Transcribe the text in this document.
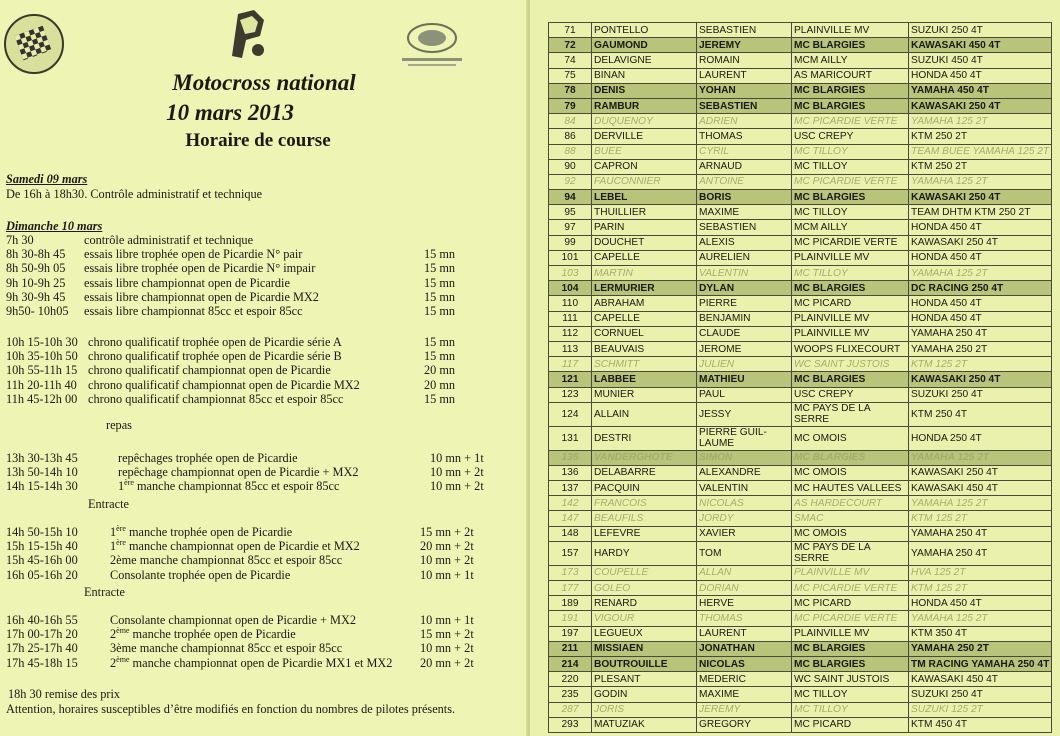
Motocross national
10 mars 2013
Horaire de course
Samedi 09 mars
De 16h à 18h30. Contrôle administratif et technique
Dimanche 10 mars
7h 30	contrôle administratif et technique
8h 30-8h 45 essais libre trophée open de Picardie N° pair	15 mn
8h 50-9h 05 essais libre trophée open de Picardie N° impair	15 mn
9h 10-9h 25 essais libre championnat open de Picardie	15 mn
9h 30-9h 45 essais libre championnat open de Picardie MX2	15 mn
9h50- 10h05 essais libre championnat 85cc et espoir 85cc	15 mn
10h 15-10h 30 chrono qualificatif trophée open de Picardie série A	15 mn
10h 35-10h 50 chrono qualificatif trophée open de Picardie série B	15 mn
10h 55-11h 15 chrono qualificatif championnat open de Picardie	20 mn
11h 20-11h 40 chrono qualificatif championnat open de Picardie MX2	20 mn
11h 45-12h 00 chrono qualificatif championnat 85cc et espoir 85cc	15 mn
repas
13h 30-13h 45	repêchages trophée open de Picardie	10 mn + 1t
13h 50-14h 10	repêchage championnat open de Picardie + MX2	10 mn + 2t
14h 15-14h 30	1ère manche championnat 85cc et espoir 85cc	10 mn + 2t
Entracte
14h 50-15h 10	1ère manche trophée open de Picardie	15 mn + 2t
15h 15-15h 40	1ère manche championnat open de Picardie et MX2	20 mn + 2t
15h 45-16h 00	2ème manche championnat 85cc et espoir 85cc	10 mn + 2t
16h 05-16h 20	Consolante trophée open de Picardie	10 mn + 1t
Entracte
16h 40-16h 55	Consolante championnat open de Picardie + MX2	10 mn + 1t
17h 00-17h 20	2ème manche trophée open de Picardie	15 mn + 2t
17h 25-17h 40	3ème manche championnat 85cc et espoir 85cc	10 mn + 2t
17h 45-18h 15	2ème manche championnat open de Picardie MX1 et MX2 20 mn + 2t
18h 30 remise des prix
Attention, horaires susceptibles d’être modifiés en fonction du nombres de pilotes présents.
71	PONTELLO	SEBASTIEN	PLAINVILLE MV	SUZUKI 250 4T
72	GAUMOND	JEREMY	MC BLARGIES	KAWASAKI 450 4T
74	DELAVIGNE	ROMAIN	MCM AILLY	SUZUKI 450 4T
75	BINAN	LAURENT	AS MARICOURT	HONDA 450 4T
78	DENIS	YOHAN	MC BLARGIES	YAMAHA 450 4T
79	RAMBUR	SEBASTIEN	MC BLARGIES	KAWASAKI 250 4T
84	DUQUENOY	ADRIEN	MC PICARDIE VERTE	YAMAHA 125 2T
86	DERVILLE	THOMAS	USC CREPY	KTM 250 2T
88	BUEE	CYRIL	MC TILLOY	TEAM BUEE YAMAHA 125 2T
90	CAPRON	ARNAUD	MC TILLOY	KTM 250 2T
92	FAUCONNIER	ANTOINE	MC PICARDIE VERTE	YAMAHA 125 2T
94	LEBEL	BORIS	MC BLARGIES	KAWASAKI 250 4T
95	THUILLIER	MAXIME	MC TILLOY	TEAM DHTM KTM 250 2T
97	PARIN	SEBASTIEN	MCM AILLY	HONDA 450 4T
99	DOUCHET	ALEXIS	MC PICARDIE VERTE	KAWASAKI 250 4T
101	CAPELLE	AURELIEN	PLAINVILLE MV	HONDA 450 4T
103	MARTIN	VALENTIN	MC TILLOY	YAMAHA 125 2T
104	LERMURIER	DYLAN	MC BLARGIES	DC RACING 250 4T
110	ABRAHAM	PIERRE	MC PICARD	HONDA 450 4T
111	CAPELLE	BENJAMIN	PLAINVILLE MV	HONDA 450 4T
112	CORNUEL	CLAUDE	PLAINVILLE MV	YAMAHA 250 4T
113	BEAUVAIS	JEROME	WOOPS FLIXECOURT	YAMAHA 250 2T
117	SCHMITT	JULIEN	WC SAINT JUSTOIS	KTM 125 2T
121	LABBEE	MATHIEU	MC BLARGIES	KAWASAKI 250 4T
123	MUNIER	PAUL	USC CREPY	SUZUKI 250 4T
124	ALLAIN	JESSY	MC PAYS DE LA SERRE	KTM 250 4T
131	DESTRI	PIERRE GUIL-LAUME	MC OMOIS	HONDA 250 4T
135	VANDERGHOTE	SIMON	MC BLARGIES	YAMAHA 125 2T
136	DELABARRE	ALEXANDRE	MC OMOIS	KAWASAKI 250 4T
137	PACQUIN	VALENTIN	MC HAUTES VALLEES	KAWASAKI 450 4T
142	FRANCOIS	NICOLAS	AS HARDECOURT	YAMAHA 125 2T
147	BEAUFILS	JORDY	SMAC	KTM 125 2T
148	LEFEVRE	XAVIER	MC OMOIS	YAMAHA 250 4T
157	HARDY	TOM	MC PAYS DE LA SERRE	YAMAHA 250 4T
173	COUPELLE	ALLAN	PLAINVILLE MV	HVA 125 2T
177	GOLEO	DORIAN	MC PICARDIE VERTE	KTM 125 2T
189	RENARD	HERVE	MC PICARD	HONDA 450 4T
191	VIGOUR	THOMAS	MC PICARDIE VERTE	YAMAHA 125 2T
197	LEGUEUX	LAURENT	PLAINVILLE MV	KTM 350 4T
211	MISSIAEN	JONATHAN	MC BLARGIES	YAMAHA 250 2T
214	BOUTROUILLE	NICOLAS	MC BLARGIES	TM RACING YAMAHA 250 4T
220	PLESANT	MEDERIC	WC SAINT JUSTOIS	KAWASAKI 450 4T
235	GODIN	MAXIME	MC TILLOY	SUZUKI 250 4T
287	JORIS	JEREMY	MC TILLOY	SUZUKI 125 2T
293	MATUZIAK	GREGORY	MC PICARD	KTM 450 4T
